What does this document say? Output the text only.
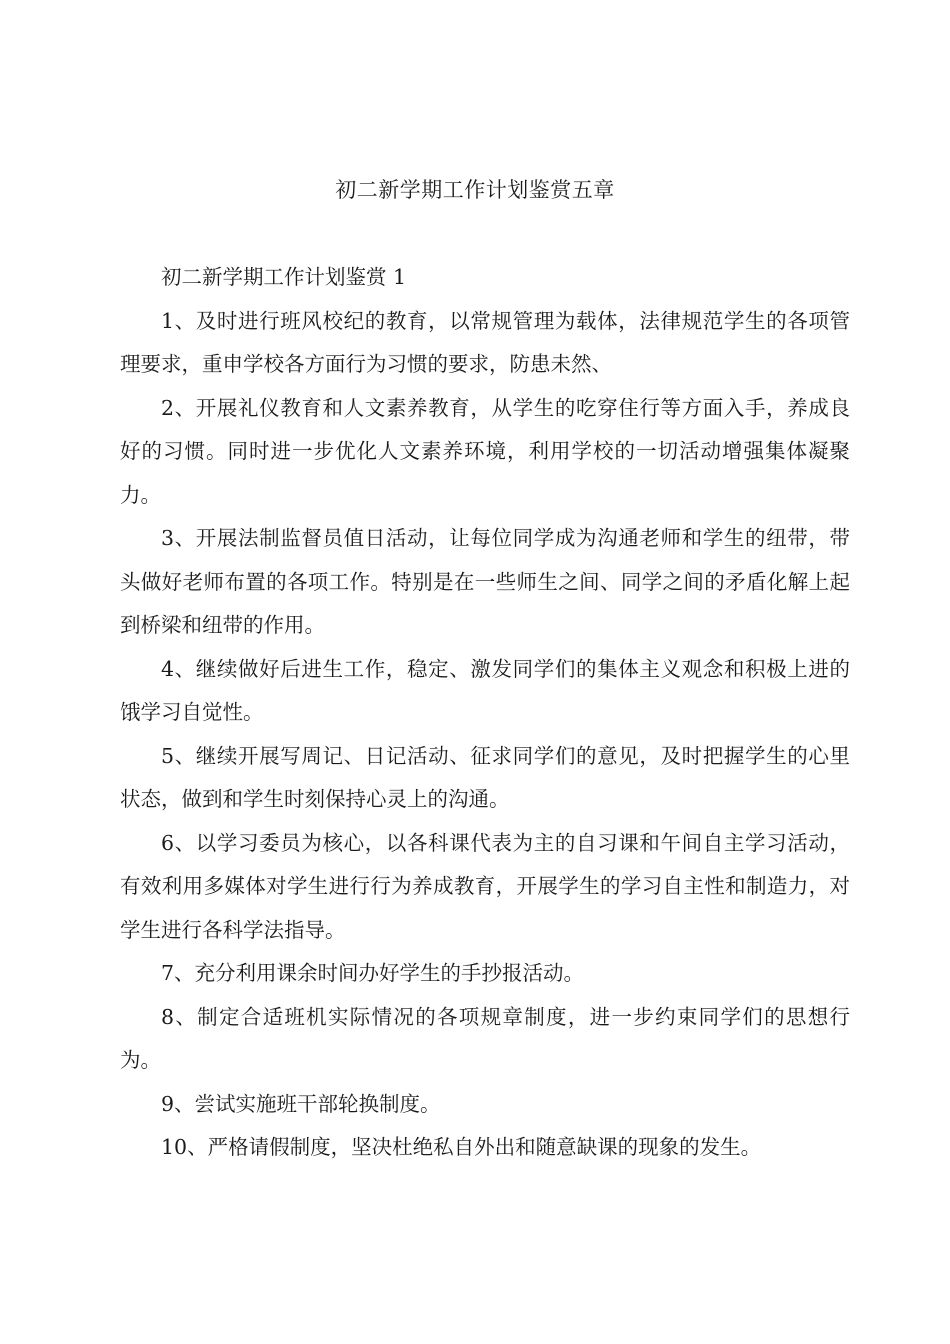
初二新学期工作计划鉴赏五章

初二新学期工作计划鉴赏 1

1、及时进行班风校纪的教育，以常规管理为载体，法律规范学生的各项管理要求，重申学校各方面行为习惯的要求，防患未然、

2、开展礼仪教育和人文素养教育，从学生的吃穿住行等方面入手，养成良好的习惯。同时进一步优化人文素养环境，利用学校的一切活动增强集体凝聚力。

3、开展法制监督员值日活动，让每位同学成为沟通老师和学生的纽带，带头做好老师布置的各项工作。特别是在一些师生之间、同学之间的矛盾化解上起到桥梁和纽带的作用。

4、继续做好后进生工作，稳定、激发同学们的集体主义观念和积极上进的饿学习自觉性。

5、继续开展写周记、日记活动、征求同学们的意见，及时把握学生的心里状态，做到和学生时刻保持心灵上的沟通。

6、以学习委员为核心，以各科课代表为主的自习课和午间自主学习活动，有效利用多媒体对学生进行行为养成教育，开展学生的学习自主性和制造力，对学生进行各科学法指导。

7、充分利用课余时间办好学生的手抄报活动。

8、制定合适班机实际情况的各项规章制度，进一步约束同学们的思想行为。

9、尝试实施班干部轮换制度。

10、严格请假制度，坚决杜绝私自外出和随意缺课的现象的发生。
